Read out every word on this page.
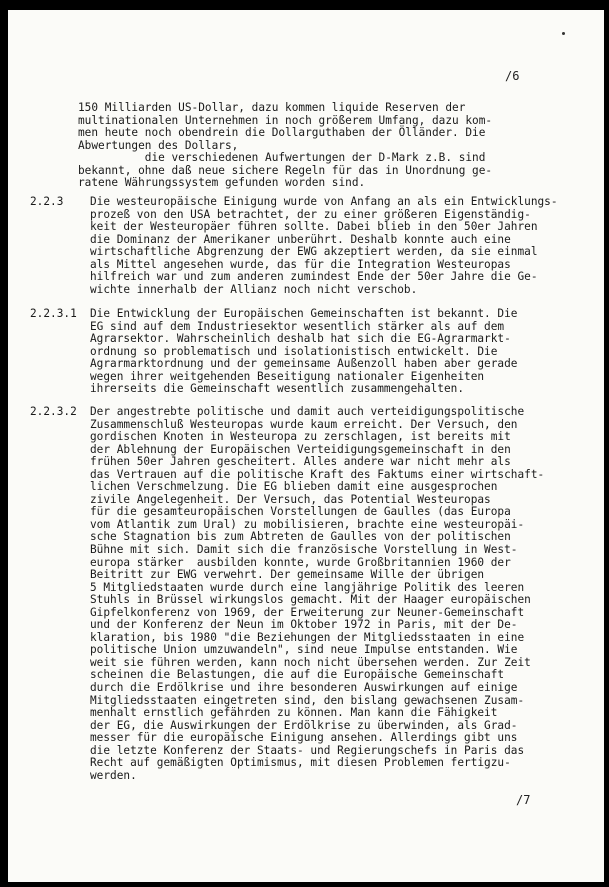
/6
150 Milliarden US-Dollar, dazu kommen liquide Reserven der
multinationalen Unternehmen in noch größerem Umfang, dazu kom-
men heute noch obendrein die Dollarguthaben der Ölländer. Die
Abwertungen des Dollars,
die verschiedenen Aufwertungen der D-Mark z.B. sind
bekannt, ohne daß neue sichere Regeln für das in Unordnung ge-
ratene Währungssystem gefunden worden sind.
2.2.3 Die westeuropäische Einigung wurde von Anfang an als ein Entwicklungs-
prozeß von den USA betrachtet, der zu einer größeren Eigenständig-
keit der Westeuropäer führen sollte. Dabei blieb in den 50er Jahren
die Dominanz der Amerikaner unberührt. Deshalb konnte auch eine
wirtschaftliche Abgrenzung der EWG akzeptiert werden, da sie einmal
als Mittel angesehen wurde, das für die Integration Westeuropas
hilfreich war und zum anderen zumindest Ende der 50er Jahre die Ge-
wichte innerhalb der Allianz noch nicht verschob.
2.2.3.1 Die Entwicklung der Europäischen Gemeinschaften ist bekannt. Die
EG sind auf dem Industriesektor wesentlich stärker als auf dem
Agrarsektor. Wahrscheinlich deshalb hat sich die EG-Agrarmarkt-
ordnung so problematisch und isolationistisch entwickelt. Die
Agrarmarktordnung und der gemeinsame Außenzoll haben aber gerade
wegen ihrer weitgehenden Beseitigung nationaler Eigenheiten
ihrerseits die Gemeinschaft wesentlich zusammengehalten.
2.2.3.2 Der angestrebte politische und damit auch verteidigungspolitische
Zusammenschluß Westeuropas wurde kaum erreicht. Der Versuch, den
gordischen Knoten in Westeuropa zu zerschlagen, ist bereits mit
der Ablehnung der Europäischen Verteidigungsgemeinschaft in den
frühen 50er Jahren gescheitert. Alles andere war nicht mehr als
das Vertrauen auf die politische Kraft des Faktums einer wirtschaft-
lichen Verschmelzung. Die EG blieben damit eine ausgesprochen
zivile Angelegenheit. Der Versuch, das Potential Westeuropas
für die gesamteuropäischen Vorstellungen de Gaulles (das Europa
vom Atlantik zum Ural) zu mobilisieren, brachte eine westeuropäi-
sche Stagnation bis zum Abtreten de Gaulles von der politischen
Bühne mit sich. Damit sich die französische Vorstellung in West-
europa stärker  ausbilden konnte, wurde Großbritannien 1960 der
Beitritt zur EWG verwehrt. Der gemeinsame Wille der übrigen
5 Mitgliedstaaten wurde durch eine langjährige Politik des leeren
Stuhls in Brüssel wirkungslos gemacht. Mit der Haager europäischen
Gipfelkonferenz von 1969, der Erweiterung zur Neuner-Gemeinschaft
und der Konferenz der Neun im Oktober 1972 in Paris, mit der De-
klaration, bis 1980 "die Beziehungen der Mitgliedsstaaten in eine
politische Union umzuwandeln", sind neue Impulse entstanden. Wie
weit sie führen werden, kann noch nicht übersehen werden. Zur Zeit
scheinen die Belastungen, die auf die Europäische Gemeinschaft
durch die Erdölkrise und ihre besonderen Auswirkungen auf einige
Mitgliedsstaaten eingetreten sind, den bislang gewachsenen Zusam-
menhalt ernstlich gefährden zu können. Man kann die Fähigkeit
der EG, die Auswirkungen der Erdölkrise zu überwinden, als Grad-
messer für die europäische Einigung ansehen. Allerdings gibt uns
die letzte Konferenz der Staats- und Regierungschefs in Paris das
Recht auf gemäßigten Optimismus, mit diesen Problemen fertigzu-
werden.
/7
